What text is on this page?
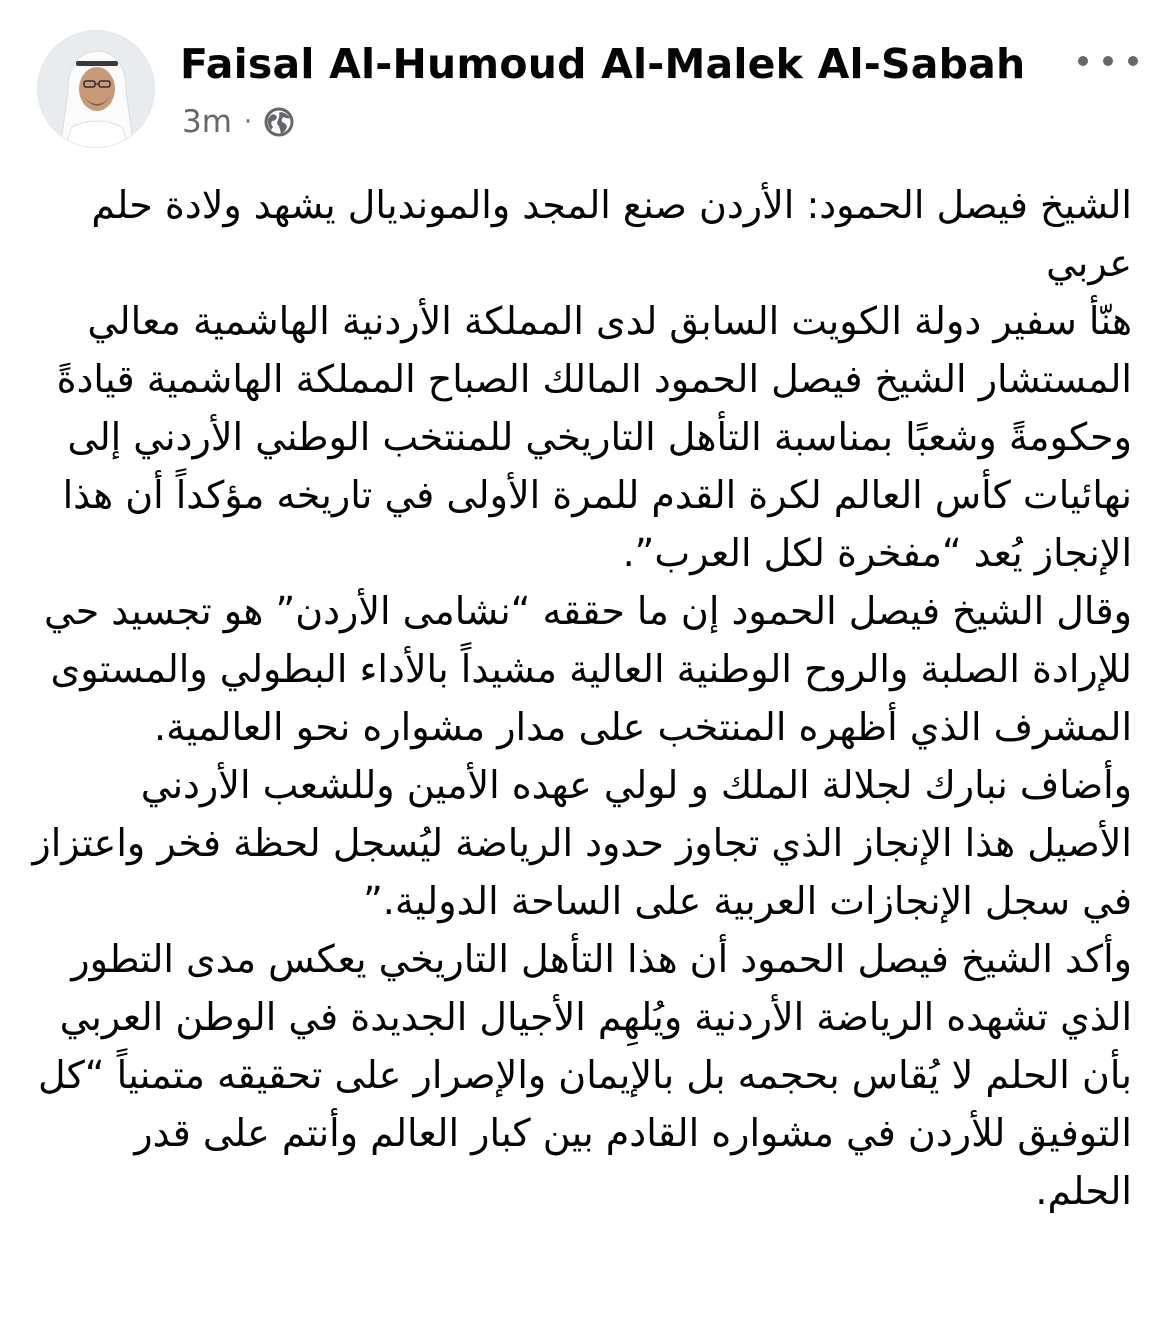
Faisal Al-Humoud Al-Malek Al-Sabah
3m ·

الشيخ فيصل الحمود: الأردن صنع المجد والمونديال يشهد ولادة حلم عربي

هنّأ سفير دولة الكويت السابق لدى المملكة الأردنية الهاشمية معالي المستشار الشيخ فيصل الحمود المالك الصباح المملكة الهاشمية قيادةً وحكومةً وشعبًا بمناسبة التأهل التاريخي للمنتخب الوطني الأردني إلى نهائيات كأس العالم لكرة القدم للمرة الأولى في تاريخه مؤكداً أن هذا الإنجاز يُعد “مفخرة لكل العرب”.

وقال الشيخ فيصل الحمود إن ما حققه “نشامى الأردن” هو تجسيد حي للإرادة الصلبة والروح الوطنية العالية مشيداً بالأداء البطولي والمستوى المشرف الذي أظهره المنتخب على مدار مشواره نحو العالمية.

وأضاف نبارك لجلالة الملك و لولي عهده الأمين وللشعب الأردني الأصيل هذا الإنجاز الذي تجاوز حدود الرياضة ليُسجل لحظة فخر واعتزاز في سجل الإنجازات العربية على الساحة الدولية.”

وأكد الشيخ فيصل الحمود أن هذا التأهل التاريخي يعكس مدى التطور الذي تشهده الرياضة الأردنية ويُلهِم الأجيال الجديدة في الوطن العربي بأن الحلم لا يُقاس بحجمه بل بالإيمان والإصرار على تحقيقه متمنياً “كل التوفيق للأردن في مشواره القادم بين كبار العالم وأنتم على قدر الحلم.
